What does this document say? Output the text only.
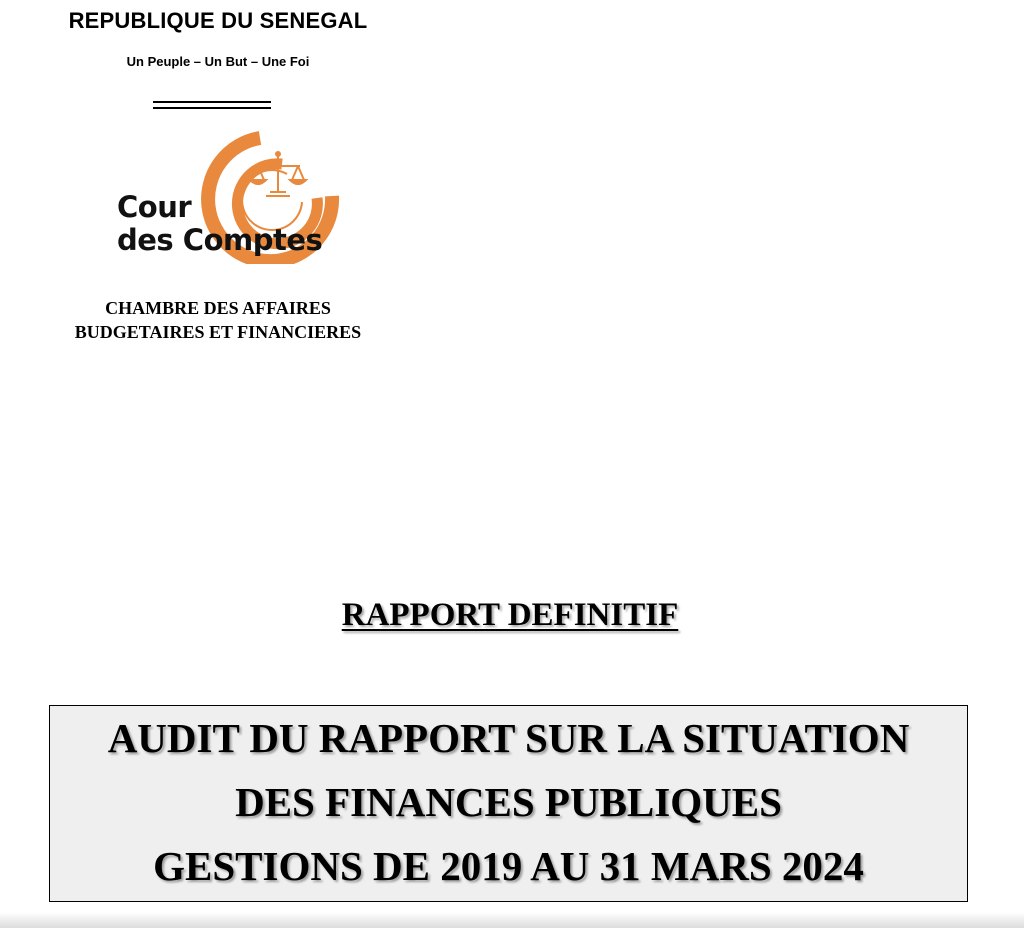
REPUBLIQUE DU SENEGAL
Un Peuple – Un But – Une Foi
Cour
des Comptes
CHAMBRE DES AFFAIRES
BUDGETAIRES ET FINANCIERES
RAPPORT DEFINITIF
AUDIT DU RAPPORT SUR LA SITUATION
DES FINANCES PUBLIQUES
GESTIONS DE 2019 AU 31 MARS 2024
